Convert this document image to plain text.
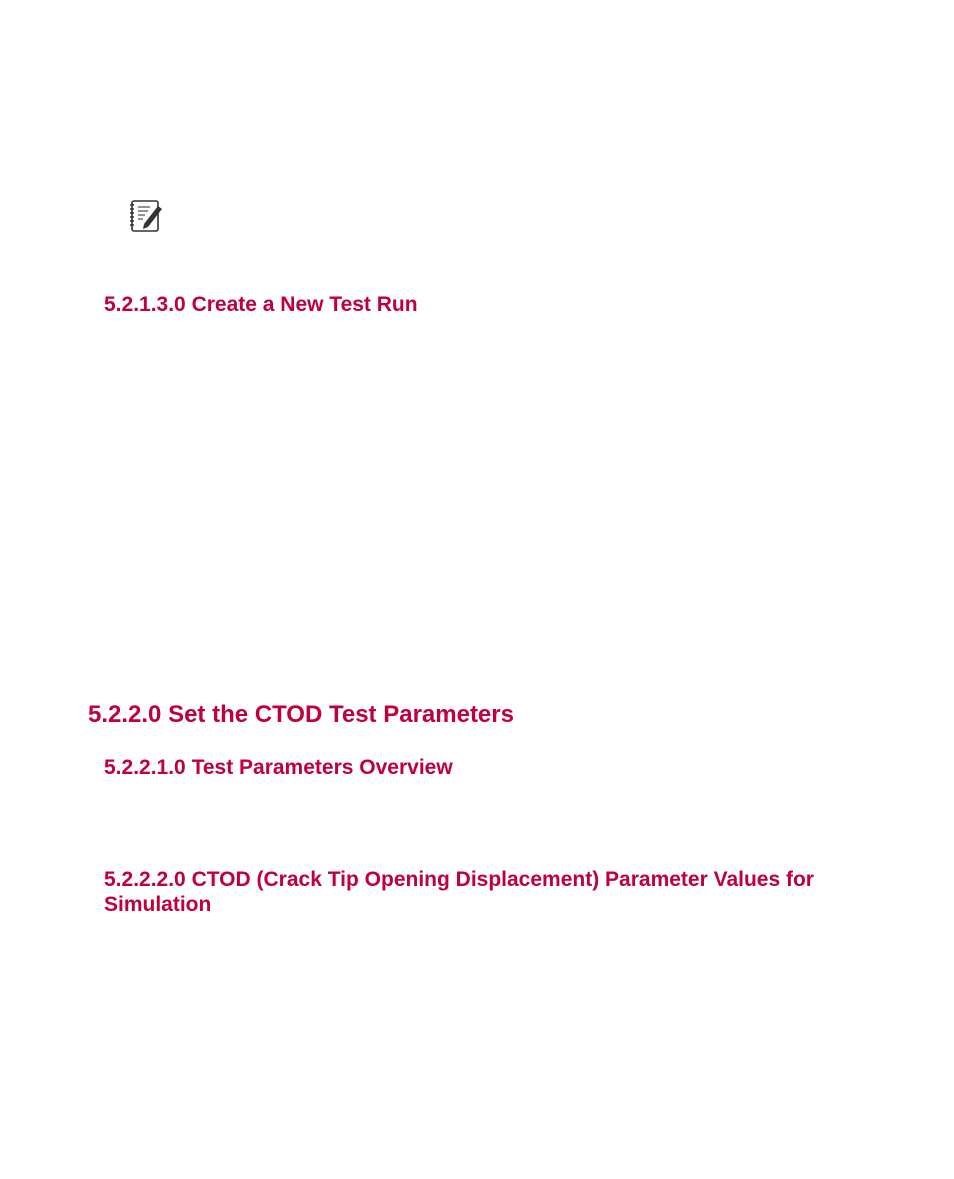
5.2.1.3.0 Create a New Test Run
5.2.2.0 Set the CTOD Test Parameters
5.2.2.1.0 Test Parameters Overview
5.2.2.2.0 CTOD (Crack Tip Opening Displacement) Parameter Values for Simulation
